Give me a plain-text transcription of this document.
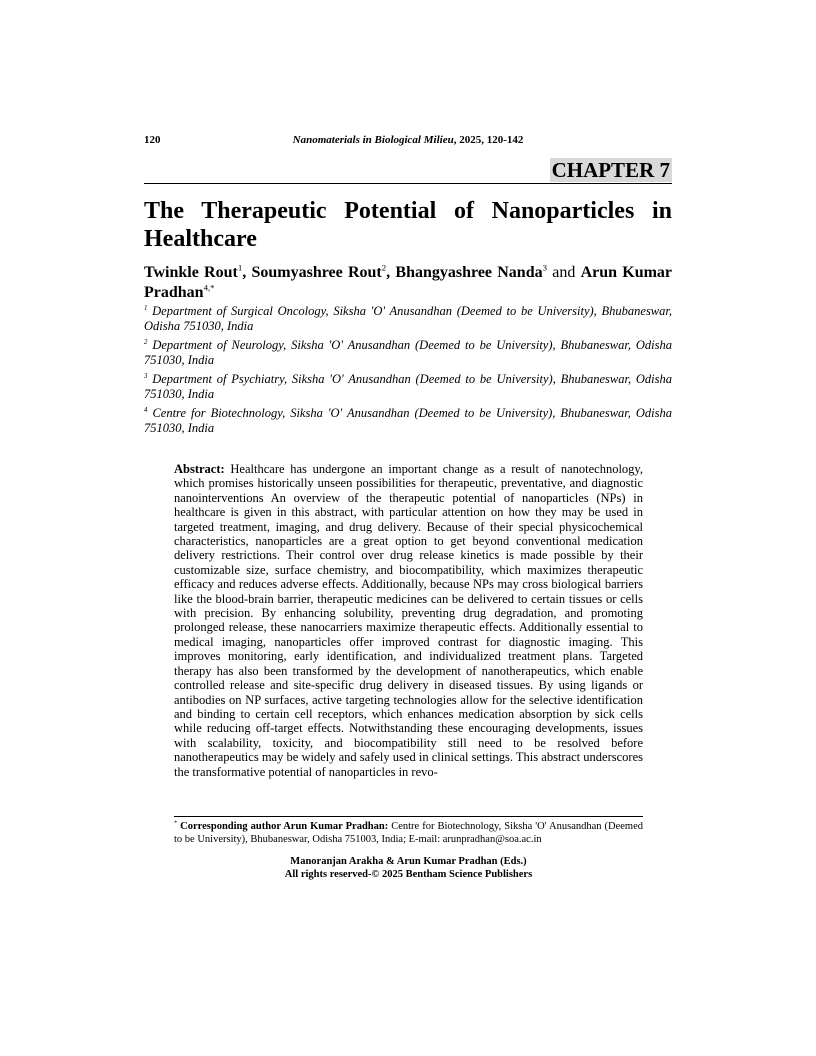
120	Nanomaterials in Biological Milieu, 2025, 120-142
CHAPTER 7
The Therapeutic Potential of Nanoparticles in Healthcare
Twinkle Rout$^1$, Soumyashree Rout$^2$, Bhangyashree Nanda$^3$ and Arun Kumar Pradhan$^{4,*}$
$^1$ Department of Surgical Oncology, Siksha 'O' Anusandhan (Deemed to be University), Bhubaneswar, Odisha 751030, India
$^2$ Department of Neurology, Siksha 'O' Anusandhan (Deemed to be University), Bhubaneswar, Odisha 751030, India
$^3$ Department of Psychiatry, Siksha 'O' Anusandhan (Deemed to be University), Bhubaneswar, Odisha 751030, India
$^4$ Centre for Biotechnology, Siksha 'O' Anusandhan (Deemed to be University), Bhubaneswar, Odisha 751030, India
Abstract: Healthcare has undergone an important change as a result of nanotechnology, which promises historically unseen possibilities for therapeutic, preventative, and diagnostic nanointerventions An overview of the therapeutic potential of nanoparticles (NPs) in healthcare is given in this abstract, with particular attention on how they may be used in targeted treatment, imaging, and drug delivery. Because of their special physicochemical characteristics, nanoparticles are a great option to get beyond conventional medication delivery restrictions. Their control over drug release kinetics is made possible by their customizable size, surface chemistry, and biocompatibility, which maximizes therapeutic efficacy and reduces adverse effects. Additionally, because NPs may cross biological barriers like the blood-brain barrier, therapeutic medicines can be delivered to certain tissues or cells with precision. By enhancing solubility, preventing drug degradation, and promoting prolonged release, these nanocarriers maximize therapeutic effects. Additionally essential to medical imaging, nanoparticles offer improved contrast for diagnostic imaging. This improves monitoring, early identification, and individualized treatment plans. Targeted therapy has also been transformed by the development of nanotherapeutics, which enable controlled release and site-specific drug delivery in diseased tissues. By using ligands or antibodies on NP surfaces, active targeting technologies allow for the selective identification and binding to certain cell receptors, which enhances medication absorption by sick cells while reducing off-target effects. Notwithstanding these encouraging developments, issues with scalability, toxicity, and biocompatibility still need to be resolved before nanotherapeutics may be widely and safely used in clinical settings. This abstract underscores the transformative potential of nanoparticles in revo-
* Corresponding author Arun Kumar Pradhan: Centre for Biotechnology, Siksha 'O' Anusandhan (Deemed to be University), Bhubaneswar, Odisha 751003, India; E-mail: arunpradhan@soa.ac.in
Manoranjan Arakha & Arun Kumar Pradhan (Eds.)
All rights reserved-© 2025 Bentham Science Publishers
